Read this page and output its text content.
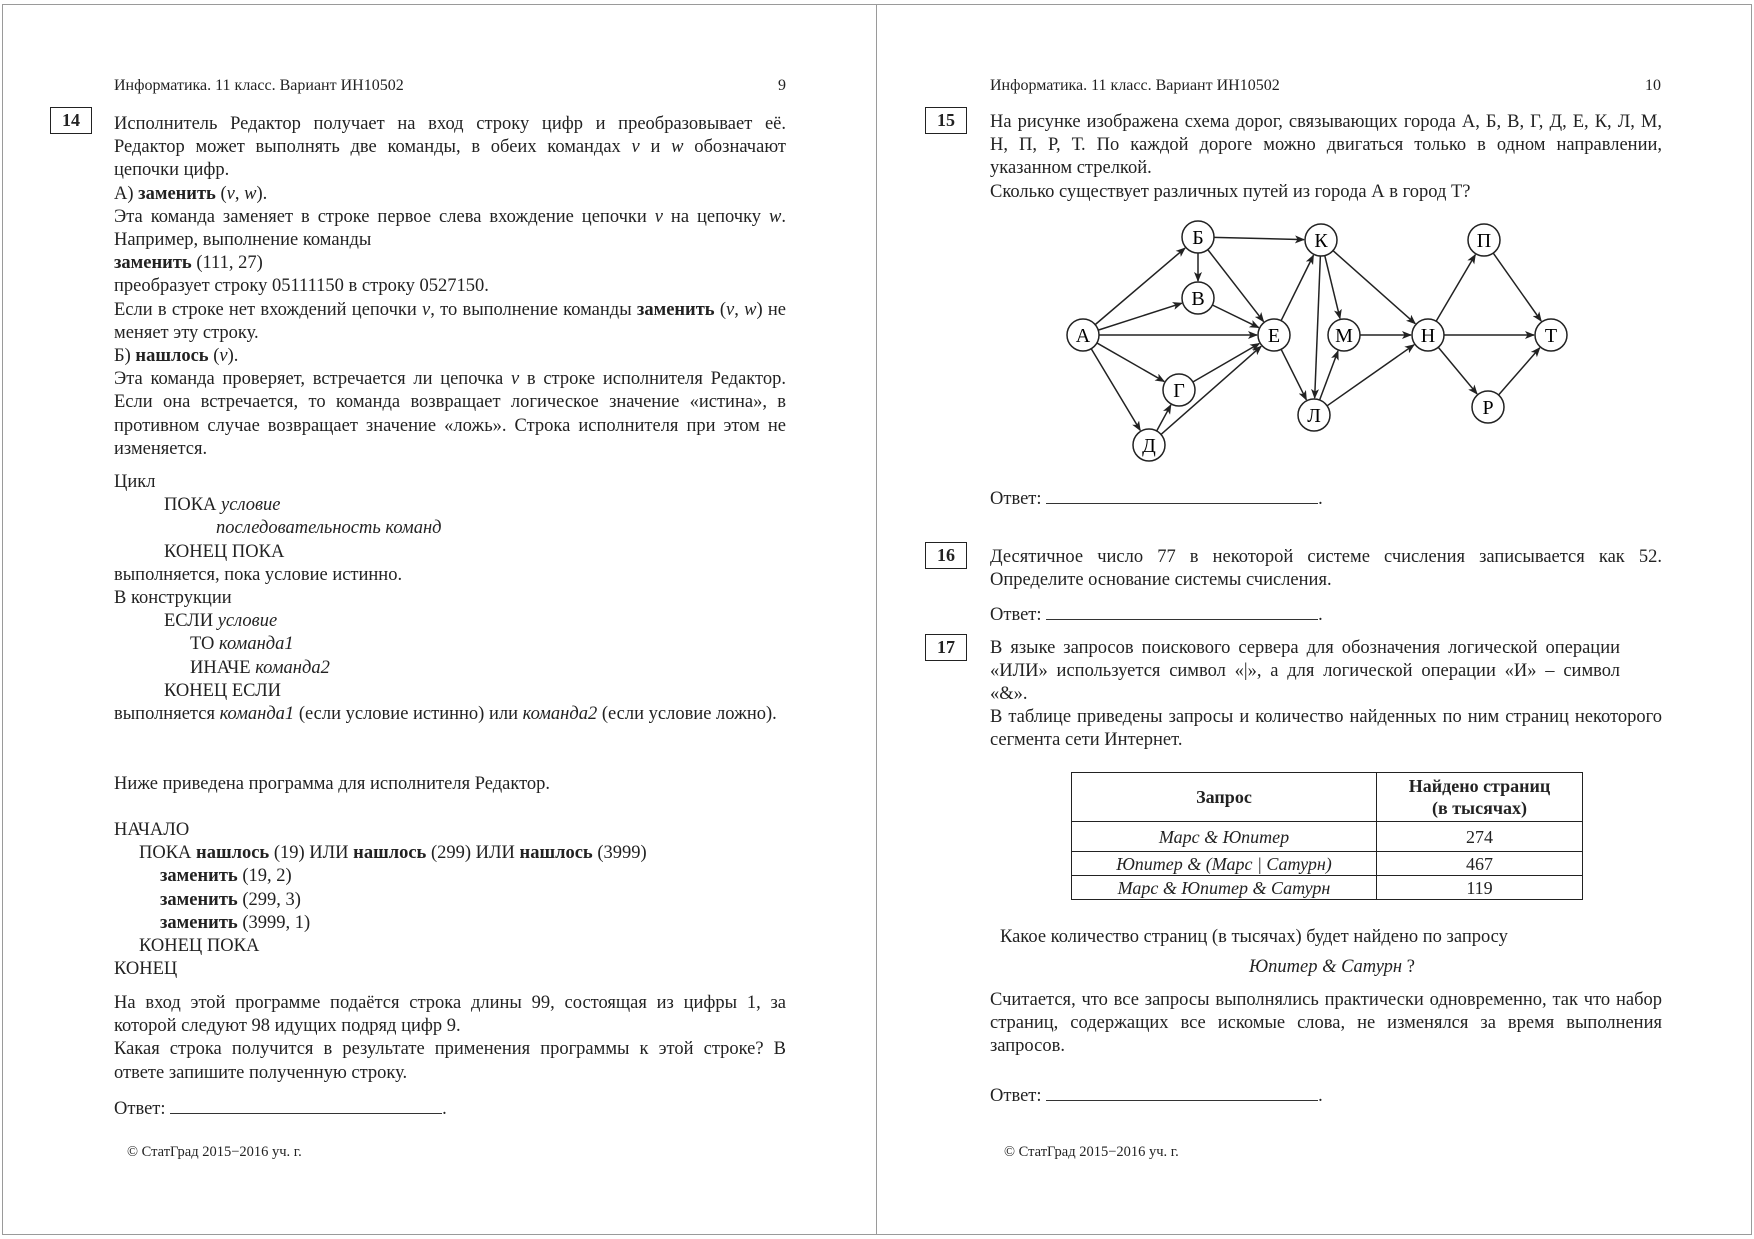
Информатика. 11 класс. Вариант ИН10502	9
14	Исполнитель Редактор получает на вход строку цифр и преобразовывает её. Редактор может выполнять две команды, в обеих командах v и w обозначают цепочки цифр.
А) заменить (v, w).
Эта команда заменяет в строке первое слева вхождение цепочки v на цепочку w. Например, выполнение команды
заменить (111, 27)
преобразует строку 05111150 в строку 0527150.
Если в строке нет вхождений цепочки v, то выполнение команды заменить (v, w) не меняет эту строку.
Б) нашлось (v).
Эта команда проверяет, встречается ли цепочка v в строке исполнителя Редактор. Если она встречается, то команда возвращает логическое значение «истина», в противном случае возвращает значение «ложь». Строка исполнителя при этом не изменяется.
Цикл
ПОКА условие
последовательность команд
КОНЕЦ ПОКА
выполняется, пока условие истинно.
В конструкции
ЕСЛИ условие
ТО команда1
ИНАЧЕ команда2
КОНЕЦ ЕСЛИ
выполняется команда1 (если условие истинно) или команда2 (если условие ложно).
Ниже приведена программа для исполнителя Редактор.
НАЧАЛО
ПОКА нашлось (19) ИЛИ нашлось (299) ИЛИ нашлось (3999)
заменить (19, 2)
заменить (299, 3)
заменить (3999, 1)
КОНЕЦ ПОКА
КОНЕЦ
На вход этой программе подаётся строка длины 99, состоящая из цифры 1, за которой следуют 98 идущих подряд цифр 9.
Какая строка получится в результате применения программы к этой строке? В ответе запишите полученную строку.
Ответ:	.
© СтатГрад 2015−2016 уч. г.
Информатика. 11 класс. Вариант ИН10502	10
15	На рисунке изображена схема дорог, связывающих города А, Б, В, Г, Д, Е, К, Л, М, Н, П, Р, Т. По каждой дороге можно двигаться только в одном направлении, указанном стрелкой.
Сколько существует различных путей из города А в город Т?
А
Б
В
Г
Д
Е
К
Л
М	Н
П
Р
Т
Ответ:	.
16	Десятичное число 77 в некоторой системе счисления записывается как 52. Определите основание системы счисления.
Ответ:	.
17	В языке запросов поискового сервера для обозначения логической операции «ИЛИ» используется символ «|», а для логической операции «И» – символ «&».
В таблице приведены запросы и количество найденных по ним страниц некоторого сегмента сети Интернет.
Запрос	Найдено страниц (в тысячах)
Марс & Юпитер	274
Юпитер & (Марс | Сатурн)	467
Марс & Юпитер & Сатурн	119
Какое количество страниц (в тысячах) будет найдено по запросу
Юпитер & Сатурн ?
Считается, что все запросы выполнялись практически одновременно, так что набор страниц, содержащих все искомые слова, не изменялся за время выполнения запросов.
Ответ:	.
© СтатГрад 2015−2016 уч. г.
